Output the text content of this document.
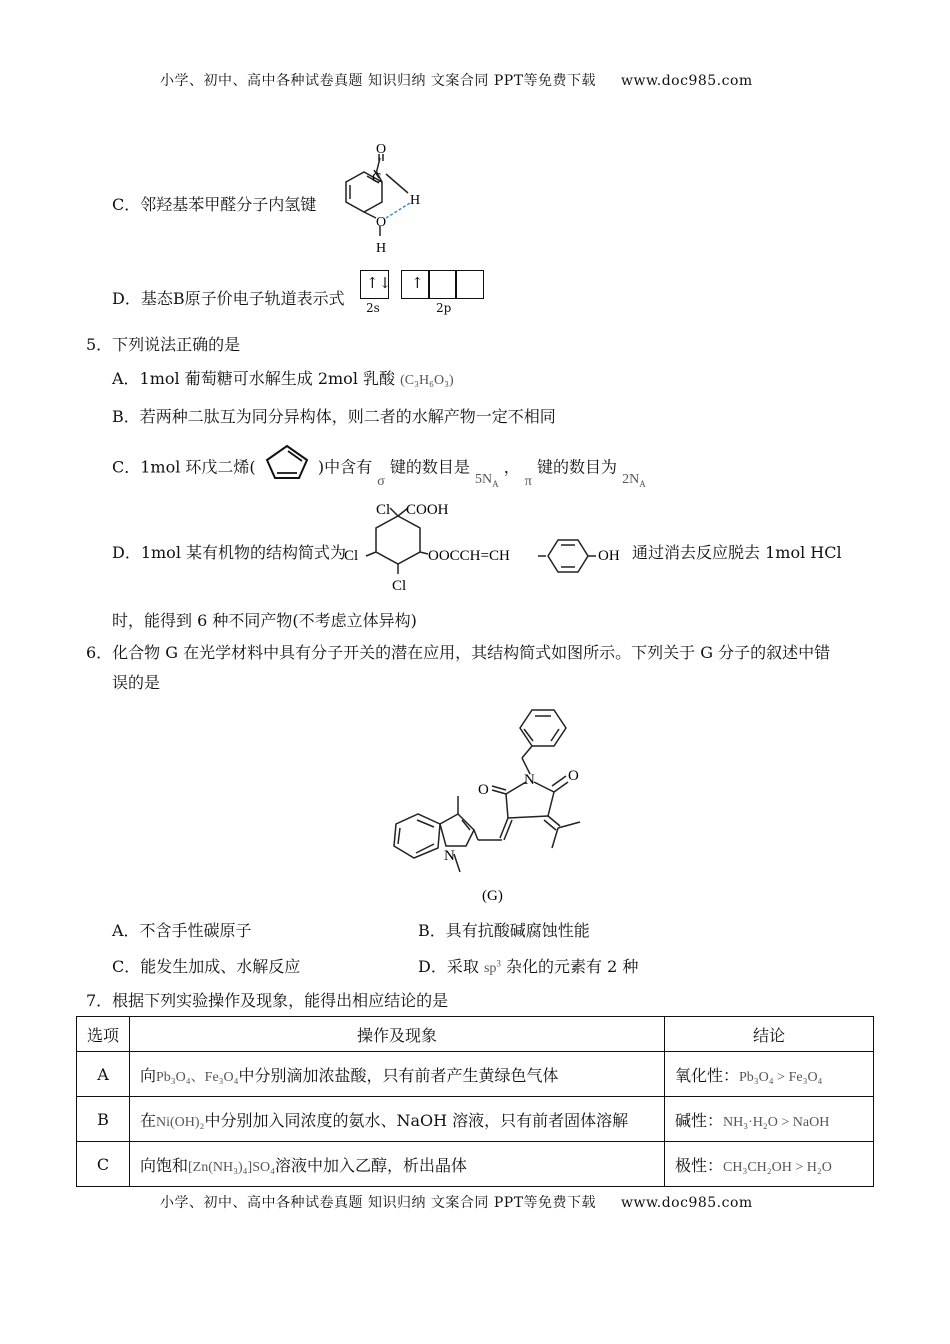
小学、初中、高中各种试卷真题 知识归纳 文案合同 PPT等免费下载 www.doc985.com
C．邻羟基苯甲醛分子内氢键
O
C
H
O
H
D．基态B原子价电子轨道表示式
↑↓ ↑
2s	2p
5．下列说法正确的是
A．1mol 葡萄糖可水解生成 2mol 乳酸 (C₃H₆O₃)
B．若两种二肽互为同分异构体，则二者的水解产物一定不相同
C．1mol 环戊二烯(	)中含有 σ 键的数目是 $5N_A$ ， π 键的数目为 $2N_A$
D．1mol 某有机物的结构简式为
Cl COOH
Cl
Cl
OOCCH=CH	OH 通过消去反应脱去 1mol HCl
时，能得到 6 种不同产物(不考虑立体异构)
6．化合物 G 在光学材料中具有分子开关的潜在应用，其结构简式如图所示。下列关于 G 分子的叙述中错
误的是
N
O
O
N
(G)
A．不含手性碳原子	B．具有抗酸碱腐蚀性能
C．能发生加成、水解反应	D．采取 $sp^3$ 杂化的元素有 2 种
7．根据下列实验操作及现象，能得出相应结论的是
选项	操作及现象	结论
A	向Pb₃O₄、Fe₃O₄中分别滴加浓盐酸，只有前者产生黄绿色气体	氧化性：Pb₃O₄ > Fe₃O₄
B	在Ni(OH)₂中分别加入同浓度的氨水、NaOH 溶液，只有前者固体溶解	碱性：NH₃·H₂O > NaOH
C	向饱和[Zn(NH₃)₄]SO₄溶液中加入乙醇，析出晶体	极性：CH₃CH₂OH > H₂O
小学、初中、高中各种试卷真题 知识归纳 文案合同 PPT等免费下载 www.doc985.com
